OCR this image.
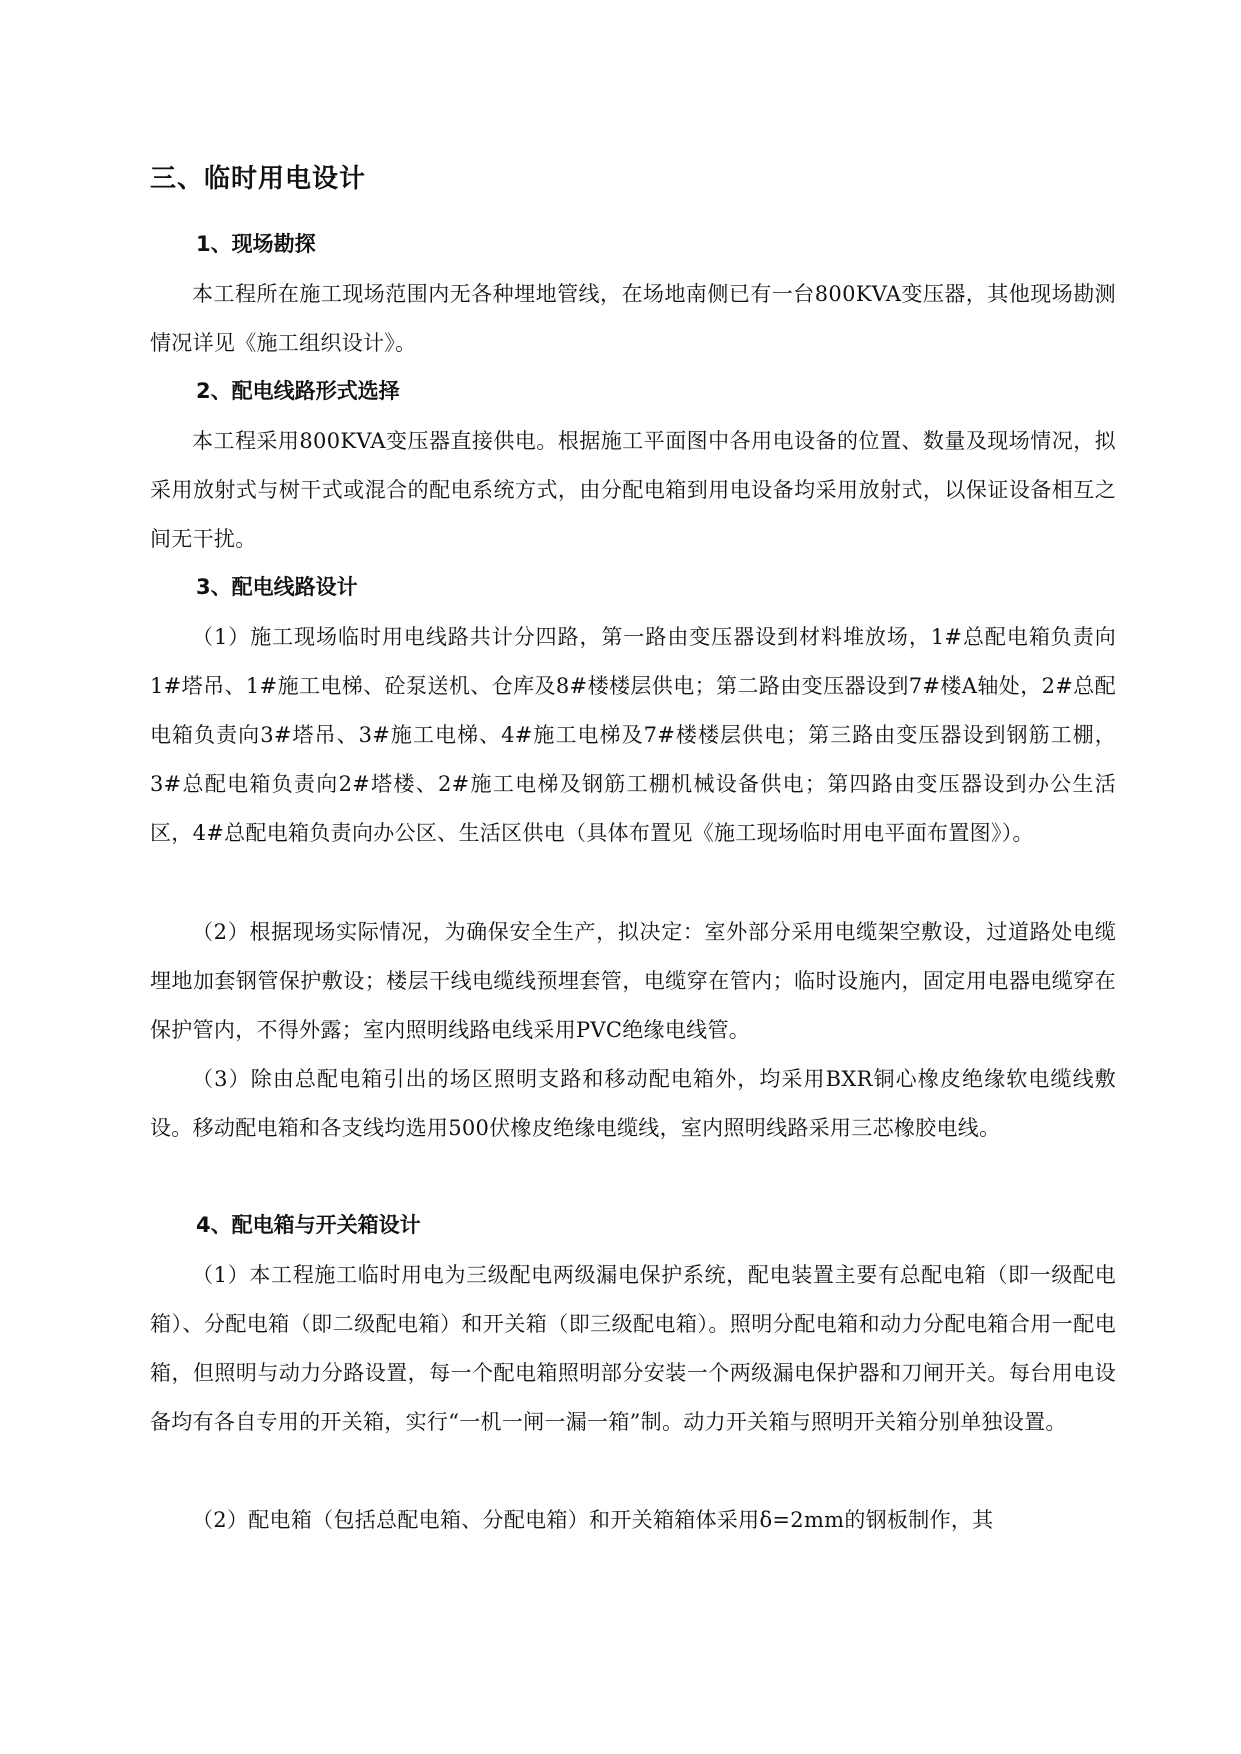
三、临时用电设计
1、现场勘探

本工程所在施工现场范围内无各种埋地管线，在场地南侧已有一台800KVA变压器，其他现场勘测情况详见《施工组织设计》。

2、配电线路形式选择

本工程采用800KVA变压器直接供电。根据施工平面图中各用电设备的位置、数量及现场情况，拟采用放射式与树干式或混合的配电系统方式，由分配电箱到用电设备均采用放射式，以保证设备相互之间无干扰。

3、配电线路设计

（1）施工现场临时用电线路共计分四路，第一路由变压器设到材料堆放场，1#总配电箱负责向1#塔吊、1#施工电梯、砼泵送机、仓库及8#楼楼层供电；第二路由变压器设到7#楼A轴处，2#总配电箱负责向3#塔吊、3#施工电梯、4#施工电梯及7#楼楼层供电；第三路由变压器设到钢筋工棚，3#总配电箱负责向2#塔楼、2#施工电梯及钢筋工棚机械设备供电；第四路由变压器设到办公生活区，4#总配电箱负责向办公区、生活区供电（具体布置见《施工现场临时用电平面布置图》）。

（2）根据现场实际情况，为确保安全生产，拟决定：室外部分采用电缆架空敷设，过道路处电缆埋地加套钢管保护敷设；楼层干线电缆线预埋套管，电缆穿在管内；临时设施内，固定用电器电缆穿在保护管内，不得外露；室内照明线路电线采用PVC绝缘电线管。

（3）除由总配电箱引出的场区照明支路和移动配电箱外，均采用BXR铜心橡皮绝缘软电缆线敷设。移动配电箱和各支线均选用500伏橡皮绝缘电缆线，室内照明线路采用三芯橡胶电线。

4、配电箱与开关箱设计

（1）本工程施工临时用电为三级配电两级漏电保护系统，配电装置主要有总配电箱（即一级配电箱）、分配电箱（即二级配电箱）和开关箱（即三级配电箱）。照明分配电箱和动力分配电箱合用一配电箱，但照明与动力分路设置，每一个配电箱照明部分安装一个两级漏电保护器和刀闸开关。每台用电设备均有各自专用的开关箱，实行“一机一闸一漏一箱”制。动力开关箱与照明开关箱分别单独设置。

（2）配电箱（包括总配电箱、分配电箱）和开关箱箱体采用δ=2mm的钢板制作，其
